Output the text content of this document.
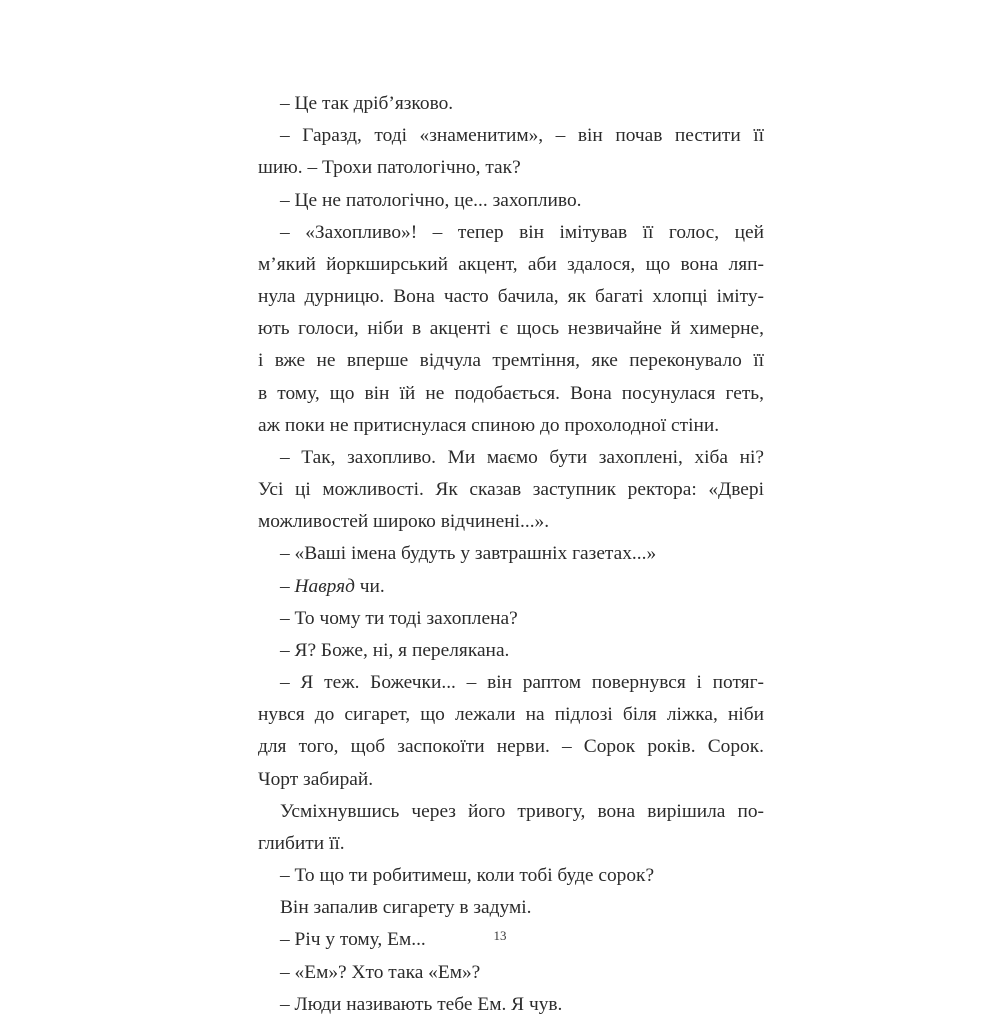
– Це так дріб’язково.
– Гаразд, тоді «знаменитим», – він почав пестити її
шию. – Трохи патологічно, так?
– Це не патологічно, це... захопливо.
– «Захопливо»! – тепер він імітував її голос, цей
м’який йоркширський акцент, аби здалося, що вона ляп-
нула дурницю. Вона часто бачила, як багаті хлопці іміту-
ють голоси, ніби в акценті є щось незвичайне й химерне,
і вже не вперше відчула тремтіння, яке переконувало її
в тому, що він їй не подобається. Вона посунулася геть,
аж поки не притиснулася спиною до прохолодної стіни.
– Так, захопливо. Ми маємо бути захоплені, хіба ні?
Усі ці можливості. Як сказав заступник ректора: «Двері
можливостей широко відчинені...».
– «Ваші імена будуть у завтрашніх газетах...»
– Навряд чи.
– То чому ти тоді захоплена?
– Я? Боже, ні, я перелякана.
– Я теж. Божечки... – він раптом повернувся і потяг-
нувся до сигарет, що лежали на підлозі біля ліжка, ніби
для того, щоб заспокоїти нерви. – Сорок років. Сорок.
Чорт забирай.
Усміхнувшись через його тривогу, вона вирішила по-
глибити її.
– То що ти робитимеш, коли тобі буде сорок?
Він запалив сигарету в задумі.
– Річ у тому, Ем...
– «Ем»? Хто така «Ем»?
– Люди називають тебе Ем. Я чув.
13
